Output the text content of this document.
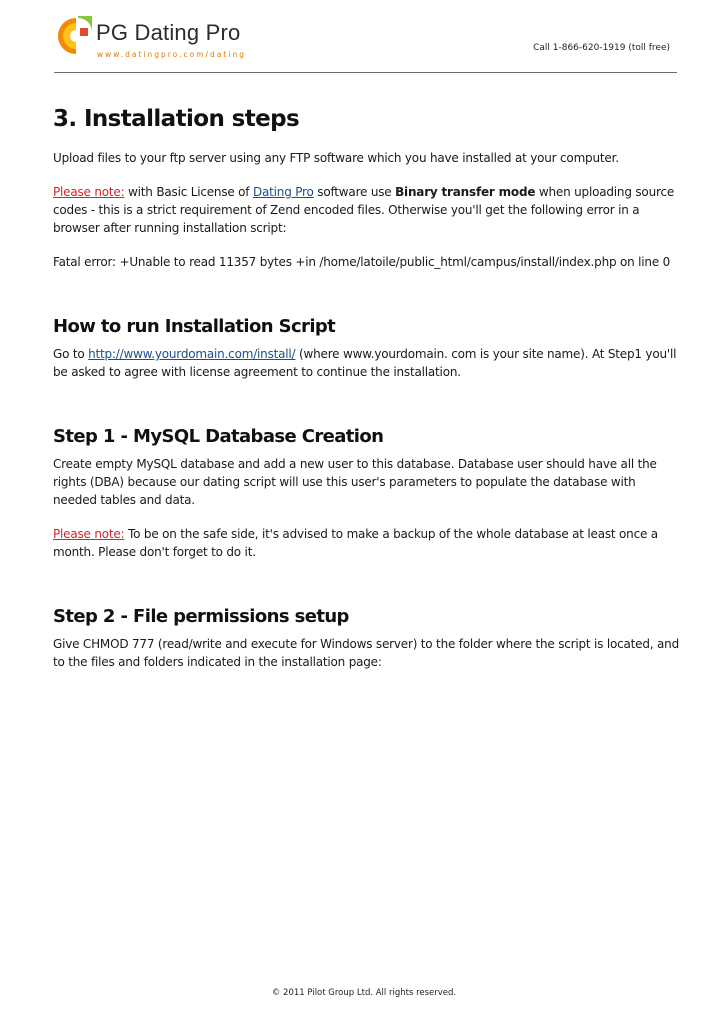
PG Dating Pro
www.datingpro.com/dating
Call 1-866-620-1919 (toll free)
3. Installation steps

Upload files to your ftp server using any FTP software which you have installed at your computer.

Please note: with Basic License of Dating Pro software use Binary transfer mode when uploading source codes - this is a strict requirement of Zend encoded files. Otherwise you'll get the following error in a browser after running installation script:

Fatal error: +Unable to read 11357 bytes +in /home/latoile/public_html/campus/install/index.php on line 0

How to run Installation Script

Go to http://www.yourdomain.com/install/ (where www.yourdomain. com is your site name). At Step1 you'll be asked to agree with license agreement to continue the installation.

Step 1 - MySQL Database Creation

Create empty MySQL database and add a new user to this database. Database user should have all the rights (DBA) because our dating script will use this user's parameters to populate the database with needed tables and data.

Please note: To be on the safe side, it's advised to make a backup of the whole database at least once a month. Please don't forget to do it.

Step 2 - File permissions setup

Give CHMOD 777 (read/write and execute for Windows server) to the folder where the script is located, and to the files and folders indicated in the installation page:

© 2011 Pilot Group Ltd. All rights reserved.
